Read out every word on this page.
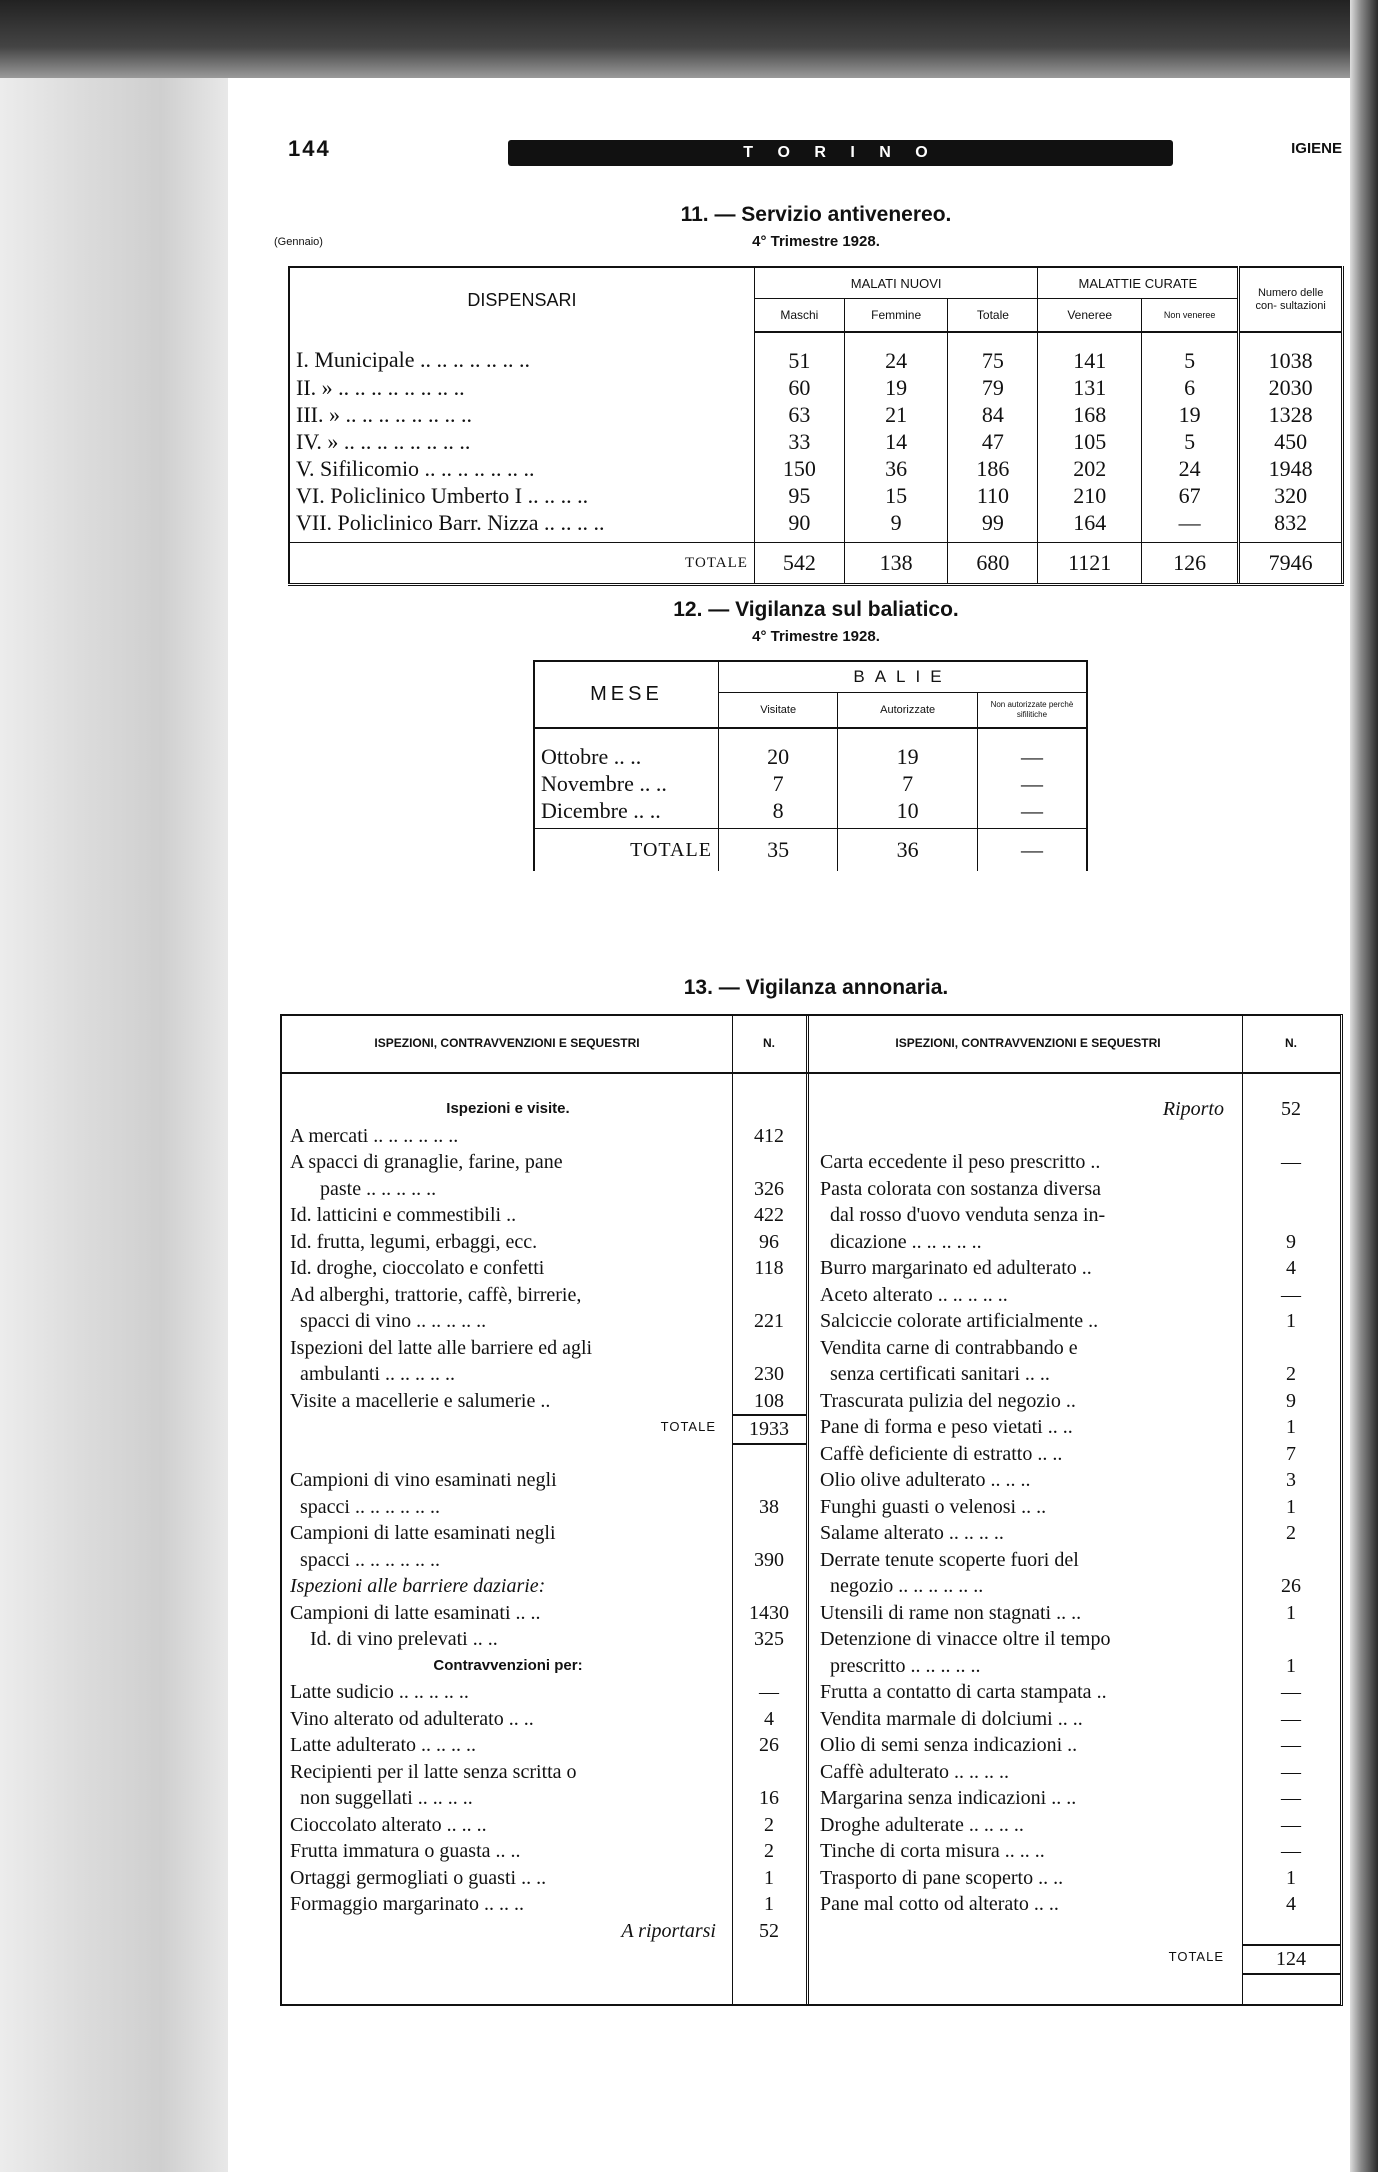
144	T O R I N O	IGIENE
(Gennaio)
11. — Servizio antivenereo.
4° Trimestre 1928.
DISPENSARI	MALATI NUOVI			MALATTIE CURATE		Numero delle con- sultazioni
	Maschi	Femmine	Totale	Veneree	Non veneree	
I. Municipale .. .. .. .. .. .. ..	51	24	75	141	5	1038
II. » .. .. .. .. .. .. .. ..	60	19	79	131	6	2030
III. » .. .. .. .. .. .. .. ..	63	21	84	168	19	1328
IV. » .. .. .. .. .. .. .. ..	33	14	47	105	5	450
V. Sifilicomio .. .. .. .. .. .. ..	150	36	186	202	24	1948
VI. Policlinico Umberto I .. .. .. ..	95	15	110	210	67	320
VII. Policlinico Barr. Nizza .. .. .. ..	90	9	99	164	—	832
TOTALE	542	138	680	1121	126	7946
12. — Vigilanza sul baliatico.
4° Trimestre 1928.
MESE	BALIE		
	Visitate	Autorizzate	Non autorizzate perchè sifilitiche
Ottobre .. ..	20	19	—
Novembre .. ..	7	7	—
Dicembre .. ..	8	10	—
TOTALE	35	36	—
13. — Vigilanza annonaria.
ISPEZIONI, CONTRAVVENZIONI E SEQUESTRI	N.	ISPEZIONI, CONTRAVVENZIONI E SEQUESTRI	N.
Ispezioni e visite.
A mercati .. .. .. .. .. ..	412
A spacci di granaglie, farine, pane
paste .. .. .. .. ..	326
Id. latticini e commestibili ..	422
Id. frutta, legumi, erbaggi, ecc.	96
Id. droghe, cioccolato e confetti	118
Ad alberghi, trattorie, caffè, birrerie,
spacci di vino .. .. .. .. ..	221
Ispezioni del latte alle barriere ed agli
ambulanti .. .. .. .. ..	230
Visite a macellerie e salumerie ..	108
TOTALE	1933
Campioni di vino esaminati negli
spacci .. .. .. .. .. ..	38
Campioni di latte esaminati negli
spacci .. .. .. .. .. ..	390
Ispezioni alle barriere daziarie:
Campioni di latte esaminati .. ..	1430
Id. di vino prelevati .. ..	325
Contravvenzioni per:
Latte sudicio .. .. .. .. ..	—
Vino alterato od adulterato .. ..	4
Latte adulterato .. .. .. ..	26
Recipienti per il latte senza scritta o
non suggellati .. .. .. ..	16
Cioccolato alterato .. .. ..	2
Frutta immatura o guasta .. ..	2
Ortaggi germogliati o guasti .. ..	1
Formaggio margarinato .. .. ..	1
A riportarsi	52
Riporto	52
Carta eccedente il peso prescritto ..	—
Pasta colorata con sostanza diversa
dal rosso d'uovo venduta senza in-
dicazione .. .. .. .. ..	9
Burro margarinato ed adulterato ..	4
Aceto alterato .. .. .. .. ..	—
Salciccie colorate artificialmente ..	1
Vendita carne di contrabbando e
senza certificati sanitari .. ..	2
Trascurata pulizia del negozio ..	9
Pane di forma e peso vietati .. ..	1
Caffè deficiente di estratto .. ..	7
Olio olive adulterato .. .. ..	3
Funghi guasti o velenosi .. ..	1
Salame alterato .. .. .. ..	2
Derrate tenute scoperte fuori del
negozio .. .. .. .. .. ..	26
Utensili di rame non stagnati .. ..	1
Detenzione di vinacce oltre il tempo
prescritto .. .. .. .. ..	1
Frutta a contatto di carta stampata ..	—
Vendita marmale di dolciumi .. ..	—
Olio di semi senza indicazioni ..	—
Caffè adulterato .. .. .. ..	—
Margarina senza indicazioni .. ..	—
Droghe adulterate .. .. .. ..	—
Tinche di corta misura .. .. ..	—
Trasporto di pane scoperto .. ..	1
Pane mal cotto od alterato .. ..	4
TOTALE	124
